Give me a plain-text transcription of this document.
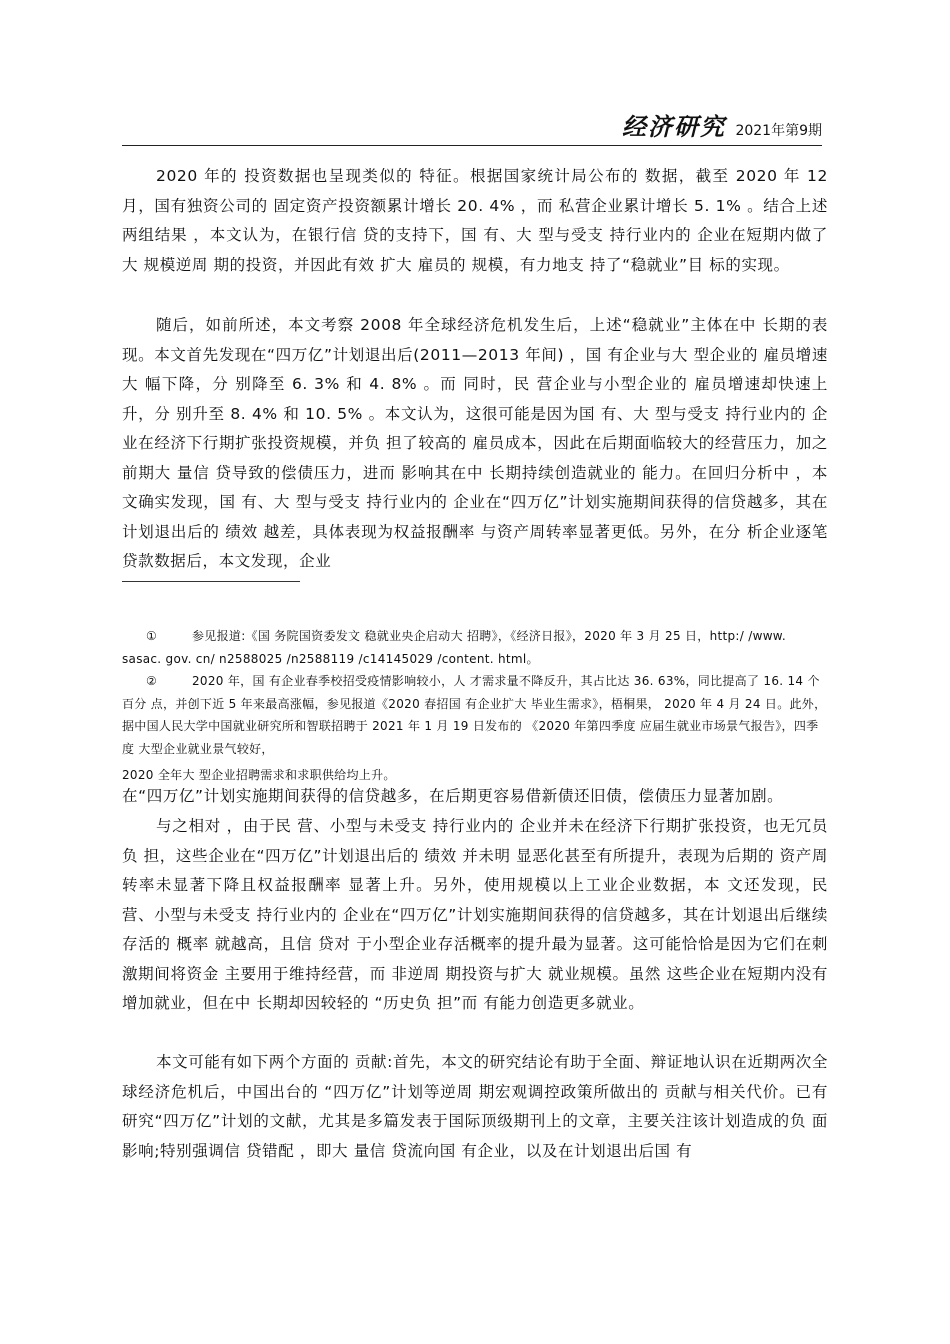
经济研究 2021年第9期

2020 年的 投资数据也呈现类似的 特征。根据国家统计局公布的 数据，截至 2020 年 12 月，国有独资公司的 固定资产投资额累计增长 20. 4% ，而 私营企业累计增长 5. 1% 。结合上述两组结果 ，本文认为，在银行信 贷的支持下，国 有、大 型与受支 持行业内的 企业在短期内做了大 规模逆周 期的投资，并因此有效 扩大 雇员的 规模，有力地支 持了“稳就业”目 标的实现。

随后，如前所述，本文考察 2008 年全球经济危机发生后，上述“稳就业”主体在中 长期的表现。本文首先发现在“四万亿”计划退出后(2011—2013 年间) ，国 有企业与大 型企业的 雇员增速大 幅下降，分 别降至 6. 3% 和 4. 8% 。而 同时，民 营企业与小型企业的 雇员增速却快速上升，分 别升至 8. 4% 和 10. 5% 。本文认为，这很可能是因为国 有、大 型与受支 持行业内的 企业在经济下行期扩张投资规模，并负 担了较高的 雇员成本，因此在后期面临较大的经营压力，加之前期大 量信 贷导致的偿债压力，进而 影响其在中 长期持续创造就业的 能力。在回归分析中 ，本文确实发现，国 有、大 型与受支 持行业内的 企业在“四万亿”计划实施期间获得的信贷越多，其在计划退出后的 绩效 越差，具体表现为权益报酬率 与资产周转率显著更低。另外，在分 析企业逐笔贷款数据后，本文发现，企业

①	参见报道:《国 务院国资委发文 稳就业央企启动大 招聘》，《经济日报》，2020 年 3 月 25 日，http:/ /www. sasac. gov. cn/ n2588025 /n2588119 /c14145029 /content. html。

②	2020 年，国 有企业春季校招受疫情影响较小，人 才需求量不降反升，其占比达 36. 63%，同比提高了 16. 14 个百分 点，并创下近 5 年来最高涨幅，参见报道《2020 春招国 有企业扩大 毕业生需求》，梧桐果， 2020 年 4 月 24 日。此外，据中国人民大学中国就业研究所和智联招聘于 2021 年 1 月 19 日发布的 《2020 年第四季度 应届生就业市场景气报告》，四季度 大型企业就业景气较好，

2020 全年大 型企业招聘需求和求职供给均上升。

在“四万亿”计划实施期间获得的信贷越多，在后期更容易借新债还旧债，偿债压力显著加剧。

与之相对 ，由于民 营、小型与未受支 持行业内的 企业并未在经济下行期扩张投资，也无冗员负 担，这些企业在“四万亿”计划退出后的 绩效 并未明 显恶化甚至有所提升，表现为后期的 资产周转率未显著下降且权益报酬率 显著上升。另外，使用规模以上工业企业数据，本 文还发现，民 营、小型与未受支 持行业内的 企业在“四万亿”计划实施期间获得的信贷越多，其在计划退出后继续存活的 概率 就越高，且信 贷对 于小型企业存活概率的提升最为显著。这可能恰恰是因为它们在刺激期间将资金 主要用于维持经营，而 非逆周 期投资与扩大 就业规模。虽然 这些企业在短期内没有增加就业，但在中 长期却因较轻的 “历史负 担”而 有能力创造更多就业。

本文可能有如下两个方面的 贡献:首先，本文的研究结论有助于全面、辩证地认识在近期两次全球经济危机后，中国出台的 “四万亿”计划等逆周 期宏观调控政策所做出的 贡献与相关代价。已有研究“四万亿”计划的文献，尤其是多篇发表于国际顶级期刊上的文章，主要关注该计划造成的负 面影响;特别强调信 贷错配 ，即大 量信 贷流向国 有企业，以及在计划退出后国 有
